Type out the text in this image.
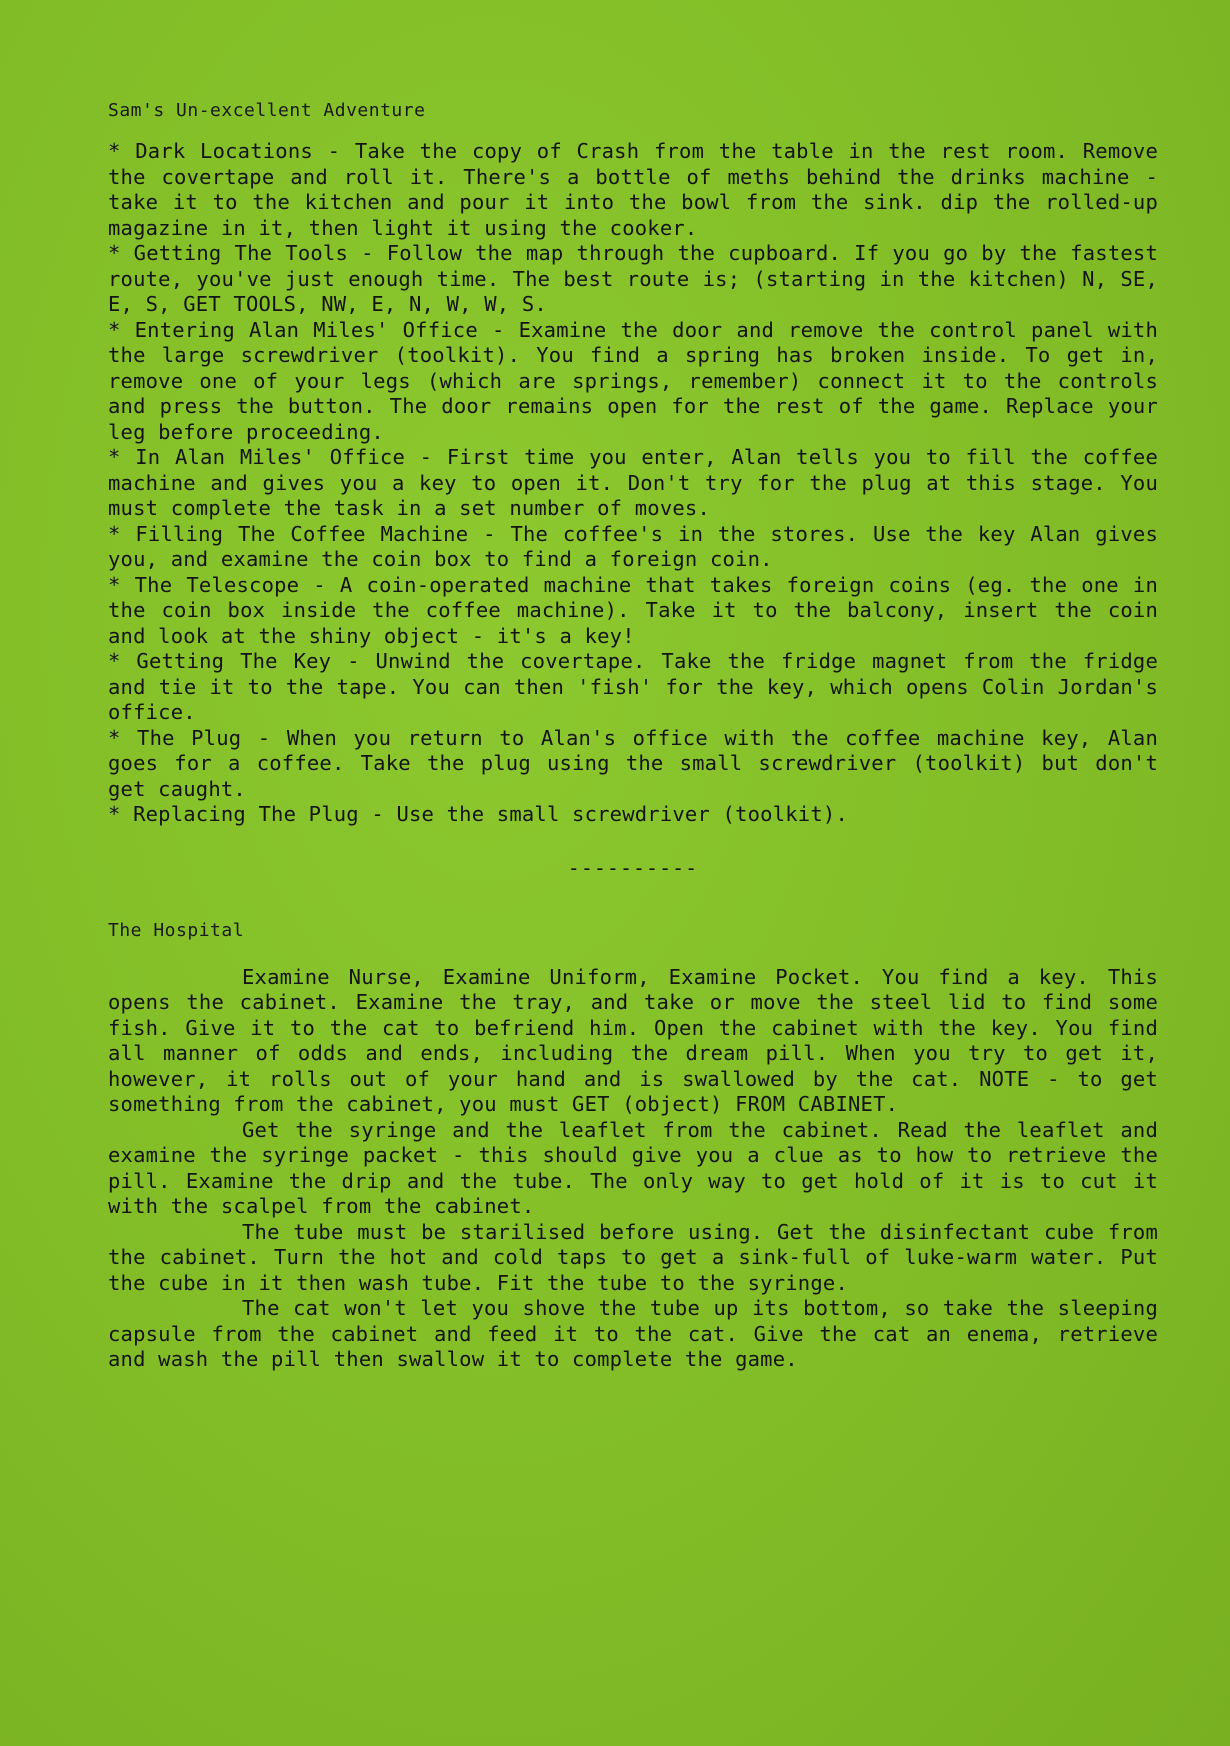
Sam's Un-excellent Adventure

* Dark Locations - Take the copy of Crash from the table in the rest room. Remove the covertape and roll it. There's a bottle of meths behind the drinks machine - take it to the kitchen and pour it into the bowl from the sink. dip the rolled-up magazine in it, then light it using the cooker.

* Getting The Tools - Follow the map through the cupboard. If you go by the fastest route, you've just enough time. The best route is; (starting in the kitchen) N, SE, E, S, GET TOOLS, NW, E, N, W, W, S.

* Entering Alan Miles' Office - Examine the door and remove the control panel with the large screwdriver (toolkit). You find a spring has broken inside. To get in, remove one of your legs (which are springs, remember) connect it to the controls and press the button. The door remains open for the rest of the game. Replace your leg before proceeding.

* In Alan Miles' Office - First time you enter, Alan tells you to fill the coffee machine and gives you a key to open it. Don't try for the plug at this stage. You must complete the task in a set number of moves.

* Filling The Coffee Machine - The coffee's in the stores. Use the key Alan gives you, and examine the coin box to find a foreign coin.

* The Telescope - A coin-operated machine that takes foreign coins (eg. the one in the coin box inside the coffee machine). Take it to the balcony, insert the coin and look at the shiny object - it's a key!

* Getting The Key - Unwind the covertape. Take the fridge magnet from the fridge and tie it to the tape. You can then 'fish' for the key, which opens Colin Jordan's office.

* The Plug - When you return to Alan's office with the coffee machine key, Alan goes for a coffee. Take the plug using the small screwdriver (toolkit) but don't get caught.

* Replacing The Plug - Use the small screwdriver (toolkit).

----------
The Hospital

Examine Nurse, Examine Uniform, Examine Pocket. You find a key. This opens the cabinet. Examine the tray, and take or move the steel lid to find some fish. Give it to the cat to befriend him. Open the cabinet with the key. You find all manner of odds and ends, including the dream pill. When you try to get it, however, it rolls out of your hand and is swallowed by the cat. NOTE - to get something from the cabinet, you must GET (object) FROM CABINET.

Get the syringe and the leaflet from the cabinet. Read the leaflet and examine the syringe packet - this should give you a clue as to how to retrieve the pill. Examine the drip and the tube. The only way to get hold of it is to cut it with the scalpel from the cabinet.

The tube must be starilised before using. Get the disinfectant cube from the cabinet. Turn the hot and cold taps to get a sink-full of luke-warm water. Put the cube in it then wash tube. Fit the tube to the syringe.

The cat won't let you shove the tube up its bottom, so take the sleeping capsule from the cabinet and feed it to the cat. Give the cat an enema, retrieve and wash the pill then swallow it to complete the game.
